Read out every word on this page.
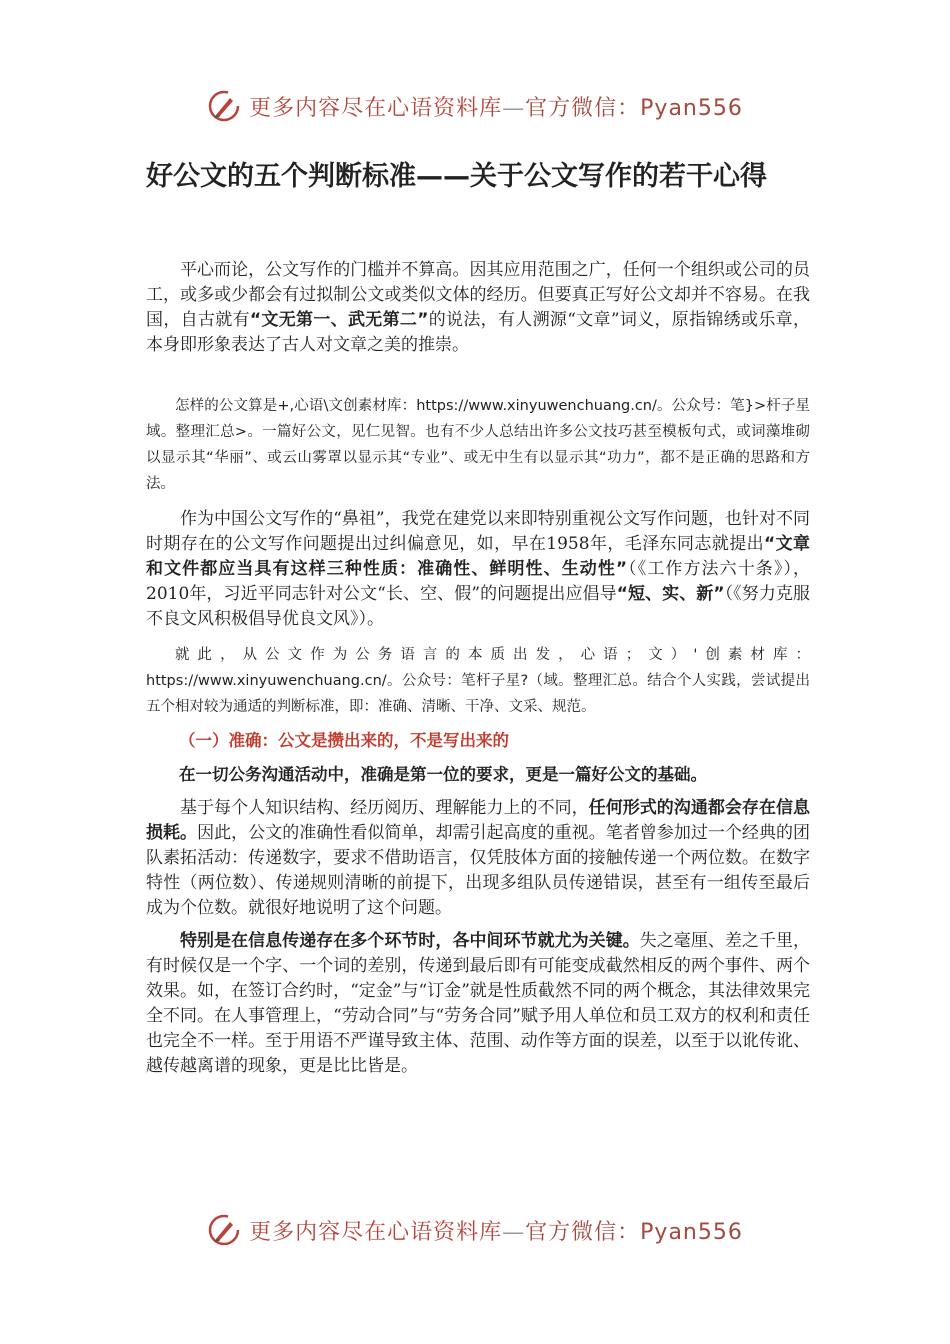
更多内容尽在心语资料库—官方微信：Pyan556
好公文的五个判断标准——关于公文写作的若干心得

平心而论，公文写作的门槛并不算高。因其应用范围之广，任何一个组织或公司的员工，或多或少都会有过拟制公文或类似文体的经历。但要真正写好公文却并不容易。在我国，自古就有“文无第一、武无第二”的说法，有人溯源“文章”词义，原指锦绣或乐章，本身即形象表达了古人对文章之美的推崇。

怎样的公文算是+,心语\文创素材库：https://www.xinyuwenchuang.cn/。公众号：笔}>杆子星域。整理汇总>。一篇好公文，见仁见智。也有不少人总结出许多公文技巧甚至模板句式，或词藻堆砌以显示其“华丽”、或云山雾罩以显示其“专业”、或无中生有以显示其“功力”，都不是正确的思路和方法。

作为中国公文写作的“鼻祖”，我党在建党以来即特别重视公文写作问题，也针对不同时期存在的公文写作问题提出过纠偏意见，如，早在1958年，毛泽东同志就提出“文章和文件都应当具有这样三种性质：准确性、鲜明性、生动性”（《工作方法六十条》），2010年，习近平同志针对公文“长、空、假”的问题提出应倡导“短、实、新”（《努力克服不良文风积极倡导优良文风》）。

就此，从公文作为公务语言的本质出发，心语；文）'创素材库：https://www.xinyuwenchuang.cn/。公众号：笔杆子星?（域。整理汇总。结合个人实践，尝试提出五个相对较为通适的判断标准，即：准确、清晰、干净、文采、规范。

（一）准确：公文是攒出来的，不是写出来的

在一切公务沟通活动中，准确是第一位的要求，更是一篇好公文的基础。

基于每个人知识结构、经历阅历、理解能力上的不同，任何形式的沟通都会存在信息损耗。因此，公文的准确性看似简单，却需引起高度的重视。笔者曾参加过一个经典的团队素拓活动：传递数字，要求不借助语言，仅凭肢体方面的接触传递一个两位数。在数字特性（两位数）、传递规则清晰的前提下，出现多组队员传递错误，甚至有一组传至最后成为个位数。就很好地说明了这个问题。

特别是在信息传递存在多个环节时，各中间环节就尤为关键。失之毫厘、差之千里，有时候仅是一个字、一个词的差别，传递到最后即有可能变成截然相反的两个事件、两个效果。如，在签订合约时，“定金”与“订金”就是性质截然不同的两个概念，其法律效果完全不同。在人事管理上，“劳动合同”与“劳务合同”赋予用人单位和员工双方的权利和责任也完全不一样。至于用语不严谨导致主体、范围、动作等方面的误差，以至于以讹传讹、越传越离谱的现象，更是比比皆是。

更多内容尽在心语资料库—官方微信：Pyan556
